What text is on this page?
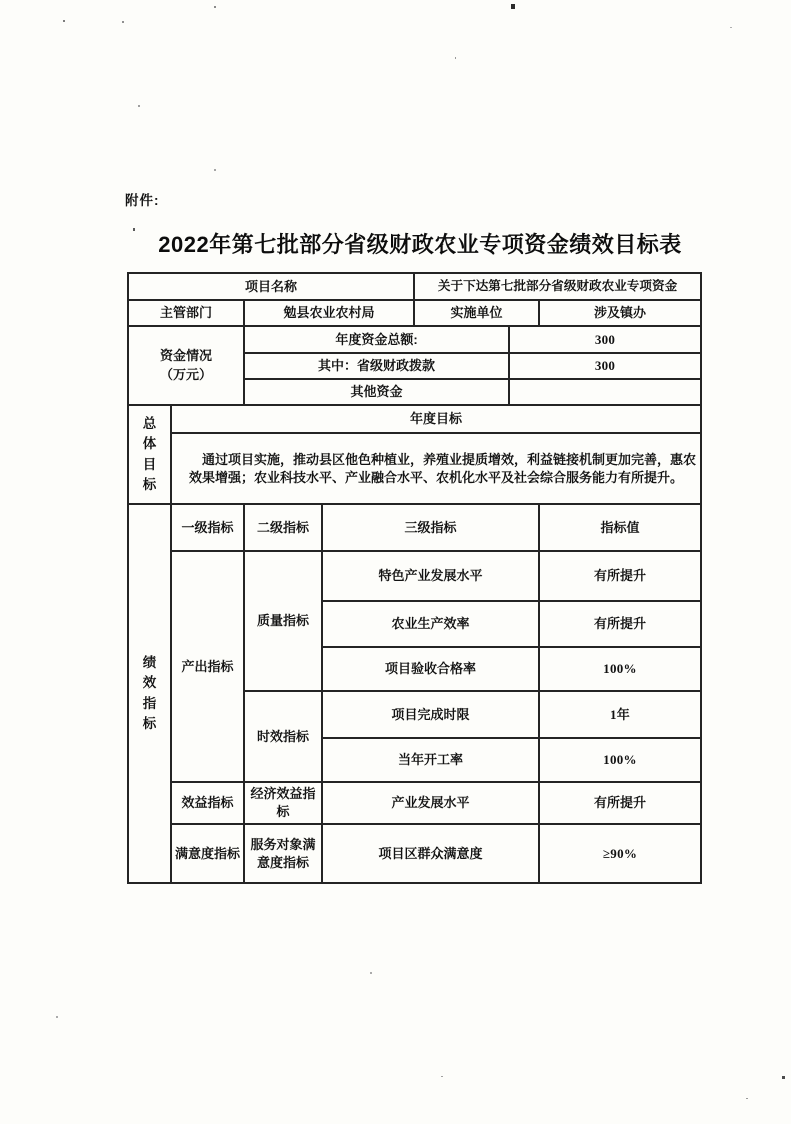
附件:
2022年第七批部分省级财政农业专项资金绩效目标表
项目名称				关于下达第七批部分省级财政农业专项资金		
主管部门		勉县农业农村局		实施单位		涉及镇办

资金情况
（万元）		年度资金总额:			300	
		其中：省级财政拨款			300	
		其他资金				
总体目标	年度目标					
	通过项目实施，推动县区他色种植业，养殖业提质增效，利益链接机制更加完善，惠农效果增强；农业科技水平、产业融合水平、农机化水平及社会综合服务能力有所提升。					
绩效指标	一级指标	二级指标	三级指标			指标值
	产出指标	质量指标	特色产业发展水平			有所提升
			农业生产效率			有所提升
			项目验收合格率			100%
		时效指标	项目完成时限			1年
			当年开工率			100%
	效益指标	经济效益指标	产业发展水平			有所提升
	满意度指标	服务对象满意度指标	项目区群众满意度			≥90%
